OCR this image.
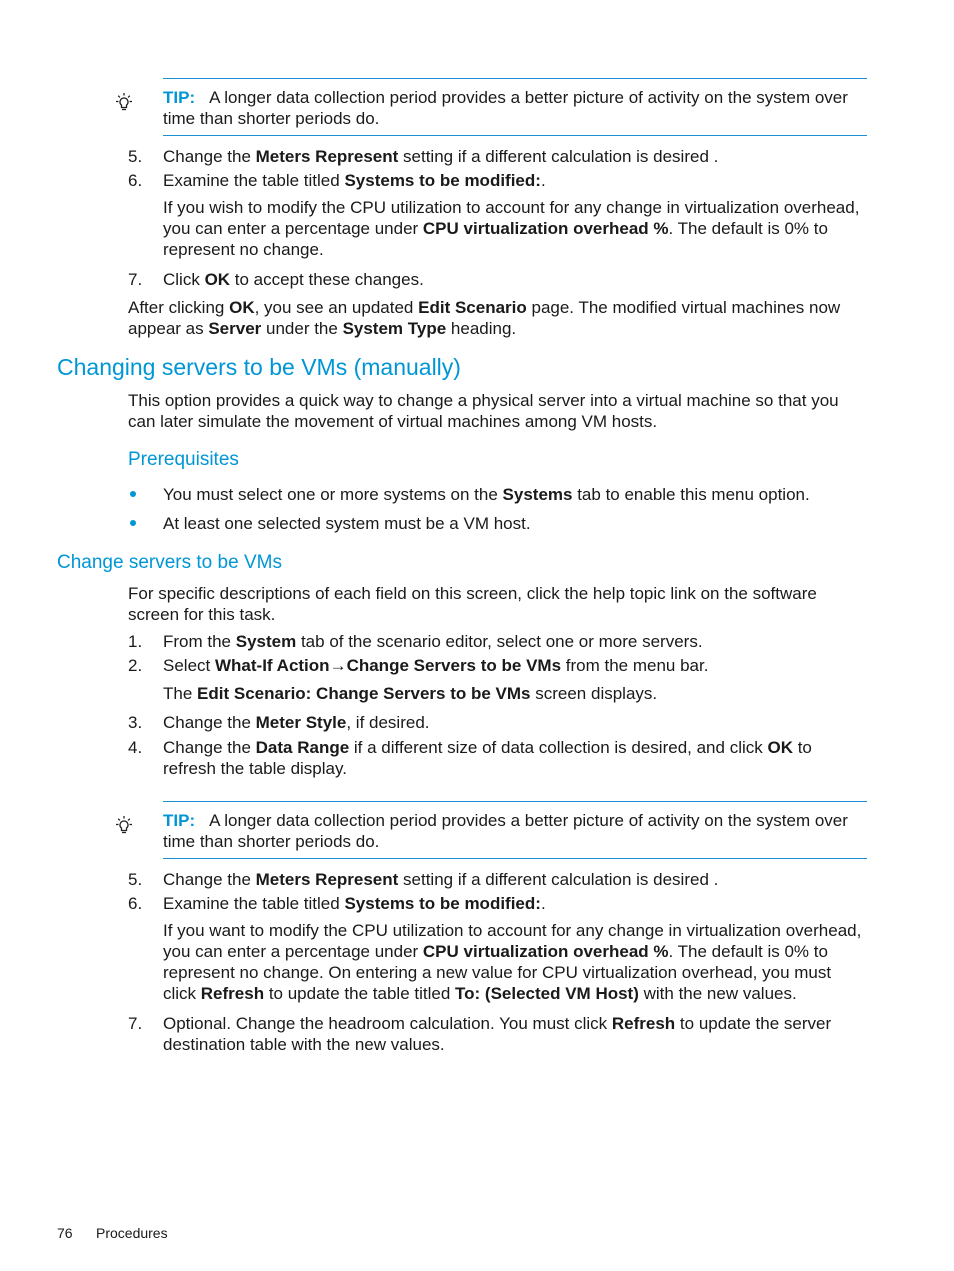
TIP: A longer data collection period provides a better picture of activity on the system over time than shorter periods do.
5. Change the Meters Represent setting if a different calculation is desired .
6. Examine the table titled Systems to be modified:.
If you wish to modify the CPU utilization to account for any change in virtualization overhead, you can enter a percentage under CPU virtualization overhead %. The default is 0% to represent no change.
7. Click OK to accept these changes.
After clicking OK, you see an updated Edit Scenario page. The modified virtual machines now appear as Server under the System Type heading.
Changing servers to be VMs (manually)
This option provides a quick way to change a physical server into a virtual machine so that you can later simulate the movement of virtual machines among VM hosts.
Prerequisites
You must select one or more systems on the Systems tab to enable this menu option.
At least one selected system must be a VM host.
Change servers to be VMs
For specific descriptions of each field on this screen, click the help topic link on the software screen for this task.
1. From the System tab of the scenario editor, select one or more servers.
2. Select What-If Action→Change Servers to be VMs from the menu bar.
The Edit Scenario: Change Servers to be VMs screen displays.
3. Change the Meter Style, if desired.
4. Change the Data Range if a different size of data collection is desired, and click OK to refresh the table display.
TIP: A longer data collection period provides a better picture of activity on the system over time than shorter periods do.
5. Change the Meters Represent setting if a different calculation is desired .
6. Examine the table titled Systems to be modified:.
If you want to modify the CPU utilization to account for any change in virtualization overhead, you can enter a percentage under CPU virtualization overhead %. The default is 0% to represent no change. On entering a new value for CPU virtualization overhead, you must click Refresh to update the table titled To: (Selected VM Host) with the new values.
7. Optional. Change the headroom calculation. You must click Refresh to update the server destination table with the new values.
76 Procedures
